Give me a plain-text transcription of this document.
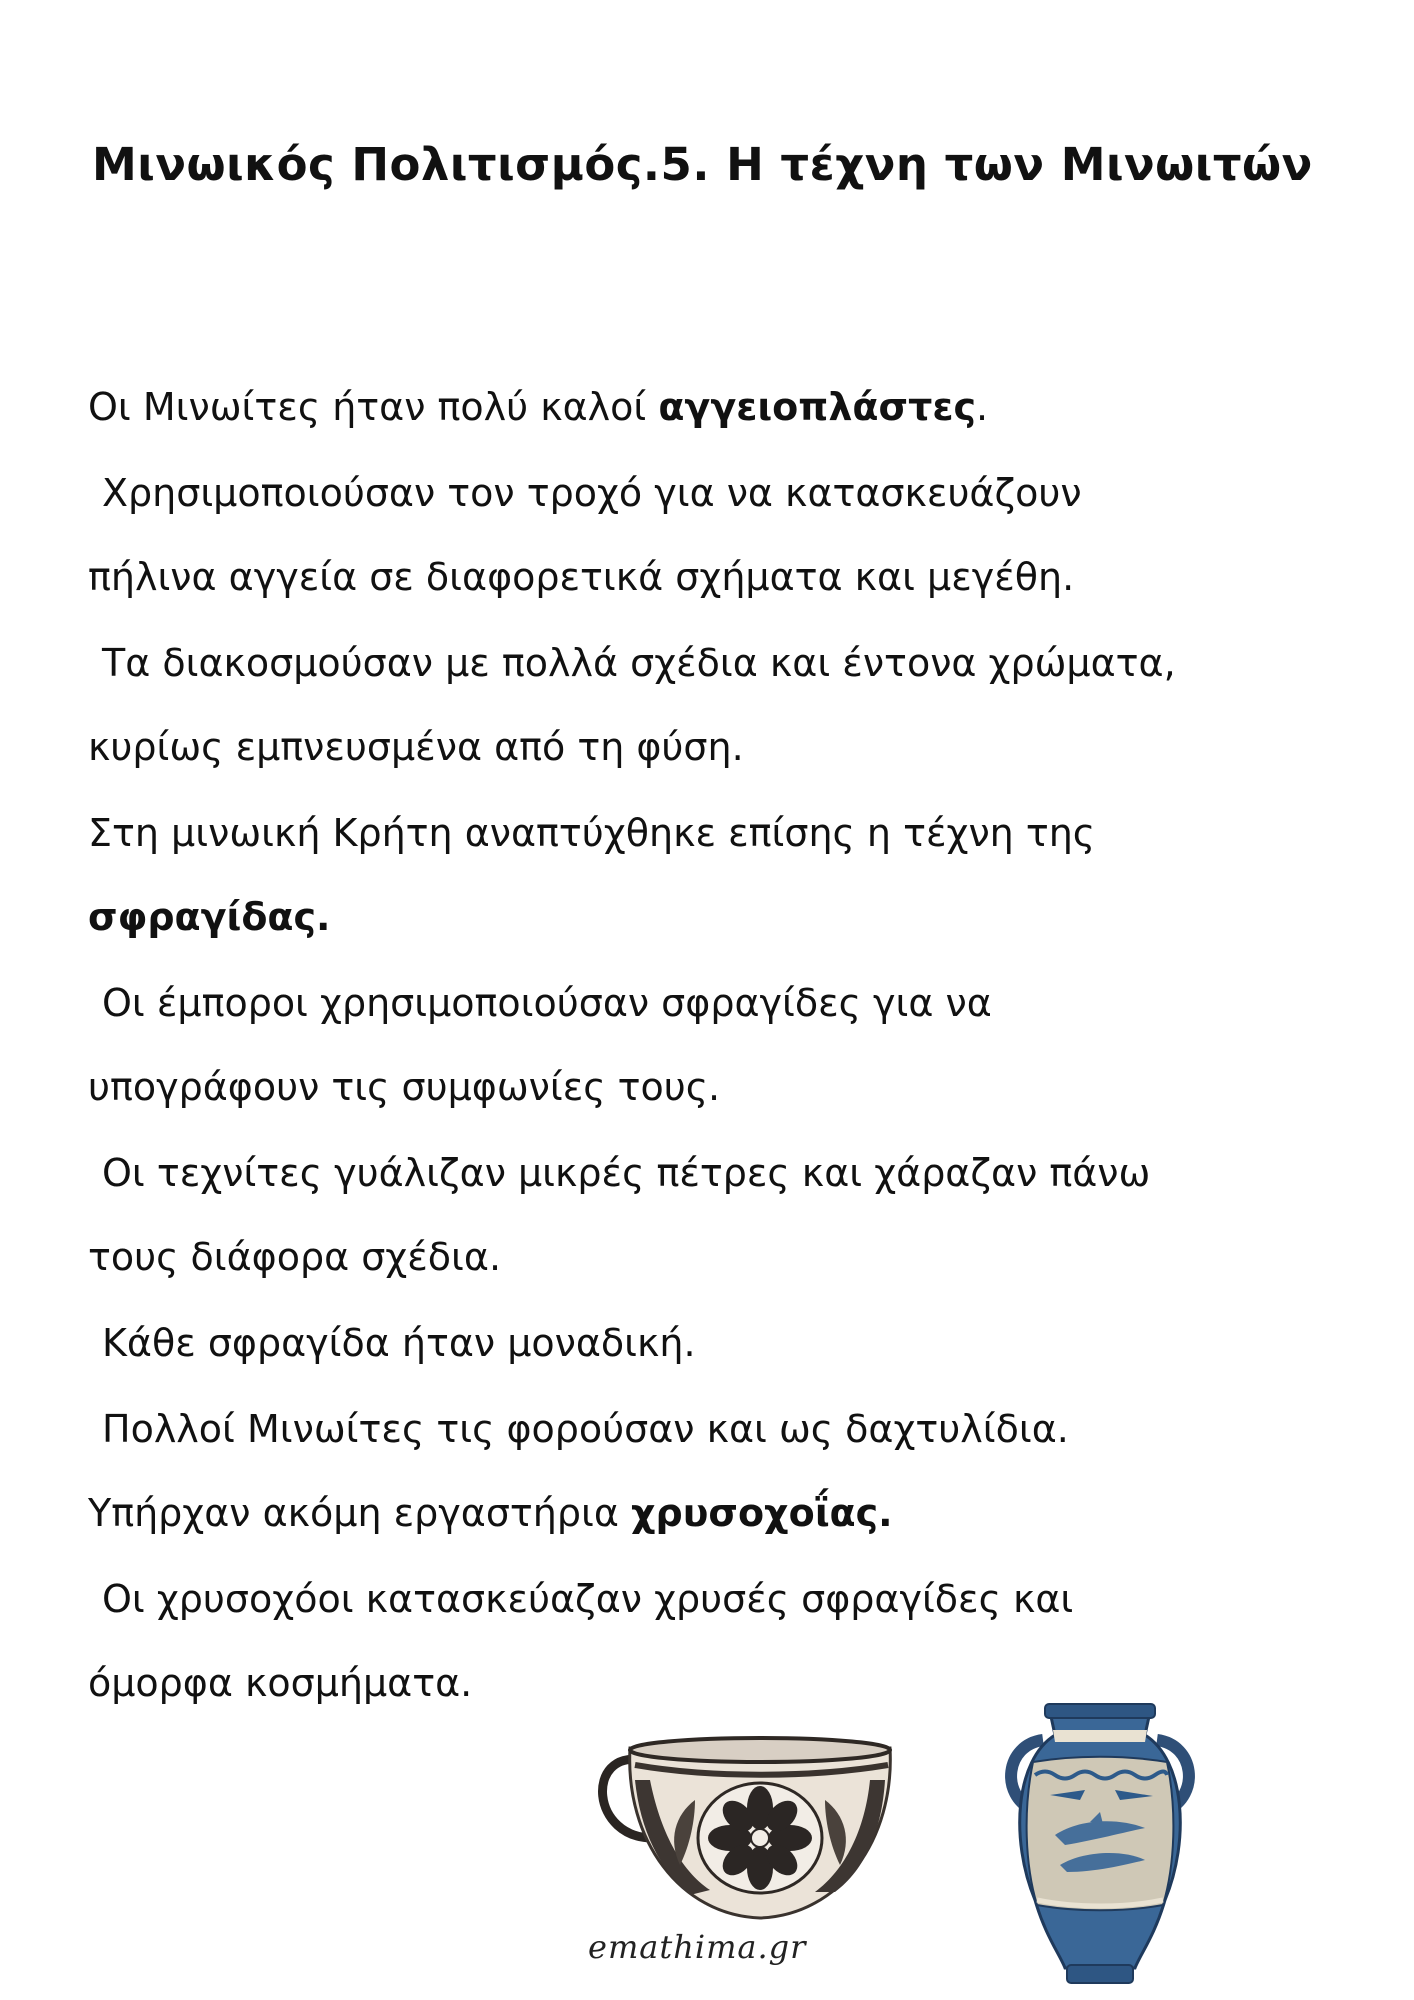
Μινωικός Πολιτισμός.5. Η τέχνη των Μινωιτών
Οι Μινωίτες ήταν πολύ καλοί αγγειοπλάστες.
Χρησιμοποιούσαν τον τροχό για να κατασκευάζουν
πήλινα αγγεία σε διαφορετικά σχήματα και μεγέθη.
Τα διακοσμούσαν με πολλά σχέδια και έντονα χρώματα,
κυρίως εμπνευσμένα από τη φύση.
Στη μινωική Κρήτη αναπτύχθηκε επίσης η τέχνη της
σφραγίδας.
Οι έμποροι χρησιμοποιούσαν σφραγίδες για να
υπογράφουν τις συμφωνίες τους.
Οι τεχνίτες γυάλιζαν μικρές πέτρες και χάραζαν πάνω
τους διάφορα σχέδια.
Κάθε σφραγίδα ήταν μοναδική.
Πολλοί Μινωίτες τις φορούσαν και ως δαχτυλίδια.
Υπήρχαν ακόμη εργαστήρια χρυσοχοΐας.
Οι χρυσοχόοι κατασκεύαζαν χρυσές σφραγίδες και
όμορφα κοσμήματα.
emathima.gr
